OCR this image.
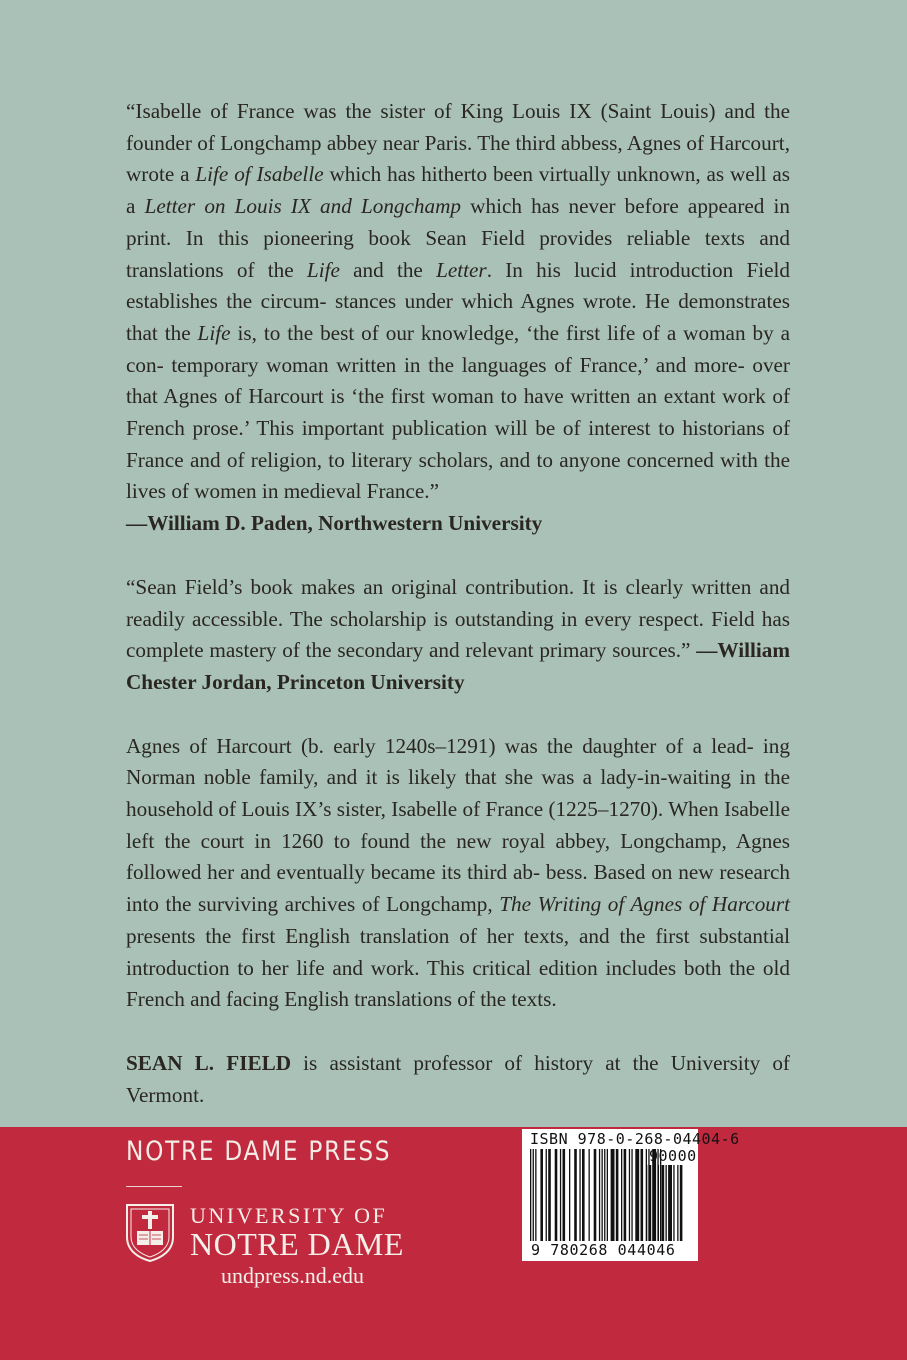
“Isabelle of France was the sister of King Louis IX (Saint Louis) and the founder of Longchamp abbey near Paris. The third abbess, Agnes of Harcourt, wrote a Life of Isabelle which has hitherto been virtually unknown, as well as a Letter on Louis IX and Longchamp which has never before appeared in print. In this pioneering book Sean Field provides reliable texts and translations of the Life and the Letter. In his lucid introduction Field establishes the circum- stances under which Agnes wrote. He demonstrates that the Life is, to the best of our knowledge, ‘the first life of a woman by a con- temporary woman written in the languages of France,’ and more- over that Agnes of Harcourt is ‘the first woman to have written an extant work of French prose.’ This important publication will be of interest to historians of France and of religion, to literary scholars, and to anyone concerned with the lives of women in medieval France.”

—William D. Paden, Northwestern University

“Sean Field’s book makes an original contribution. It is clearly written and readily accessible. The scholarship is outstanding in every respect. Field has complete mastery of the secondary and relevant primary sources.” —William Chester Jordan, Princeton University

Agnes of Harcourt (b. early 1240s–1291) was the daughter of a lead- ing Norman noble family, and it is likely that she was a lady-in-waiting in the household of Louis IX’s sister, Isabelle of France (1225–1270). When Isabelle left the court in 1260 to found the new royal abbey, Longchamp, Agnes followed her and eventually became its third ab- bess. Based on new research into the surviving archives of Longchamp, The Writing of Agnes of Harcourt presents the first English translation of her texts, and the first substantial introduction to her life and work. This critical edition includes both the old French and facing English translations of the texts.

SEAN L. FIELD is assistant professor of history at the University of Vermont.

NOTRE DAME PRESS
UNIVERSITY OF
NOTRE DAME
undpress.nd.edu
ISBN 978-0-268-04404-6
90000
9 780268 044046
